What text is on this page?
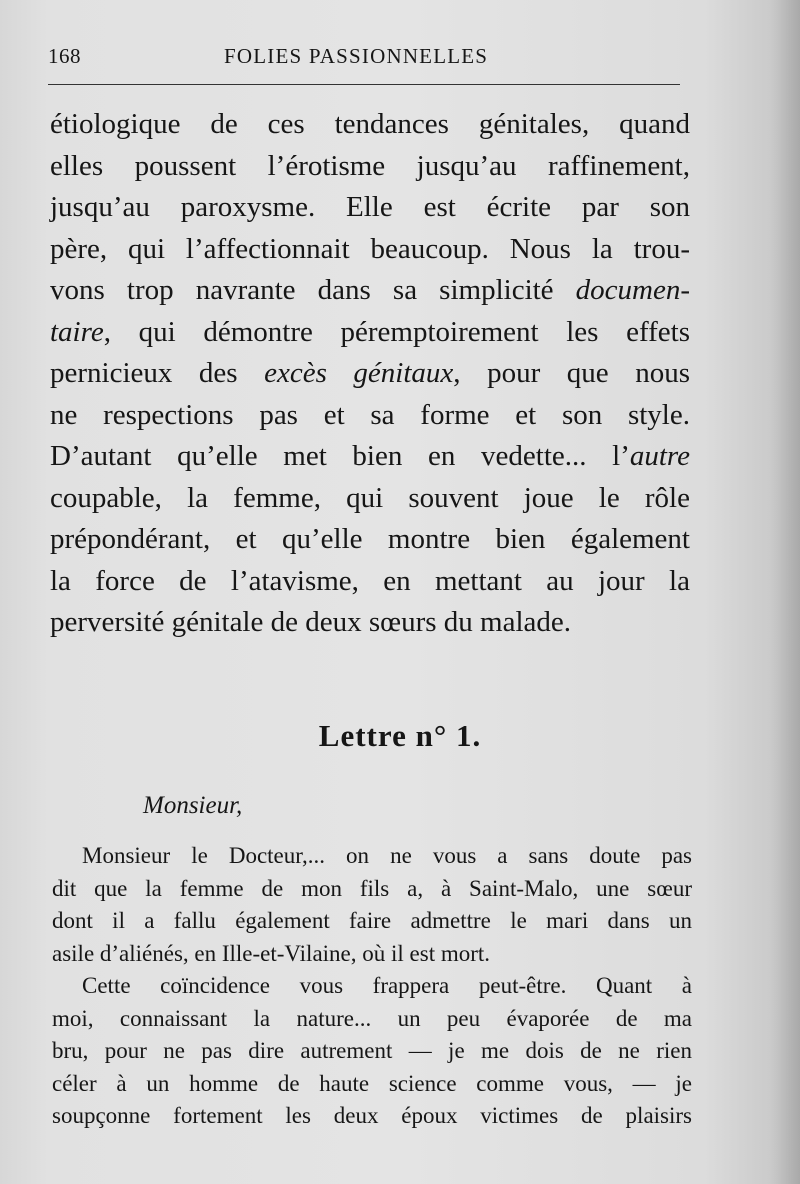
168	FOLIES PASSIONNELLES
étiologique de ces tendances génitales, quand
elles poussent l’érotisme jusqu’au raffinement,
jusqu’au paroxysme. Elle est écrite par son
père, qui l’affectionnait beaucoup. Nous la trou-
vons trop navrante dans sa simplicité documen-
taire, qui démontre péremptoirement les effets
pernicieux des excès génitaux, pour que nous
ne respections pas et sa forme et son style.
D’autant qu’elle met bien en vedette... l’autre
coupable, la femme, qui souvent joue le rôle
prépondérant, et qu’elle montre bien également
la force de l’atavisme, en mettant au jour la
perversité génitale de deux sœurs du malade.
Lettre n° 1.
Monsieur,
Monsieur le Docteur,... on ne vous a sans doute pas
dit que la femme de mon fils a, à Saint-Malo, une sœur
dont il a fallu également faire admettre le mari dans un
asile d’aliénés, en Ille-et-Vilaine, où il est mort.
Cette coïncidence vous frappera peut-être. Quant à
moi, connaissant la nature... un peu évaporée de ma
bru, pour ne pas dire autrement — je me dois de ne rien
céler à un homme de haute science comme vous, — je
soupçonne fortement les deux époux victimes de plaisirs
